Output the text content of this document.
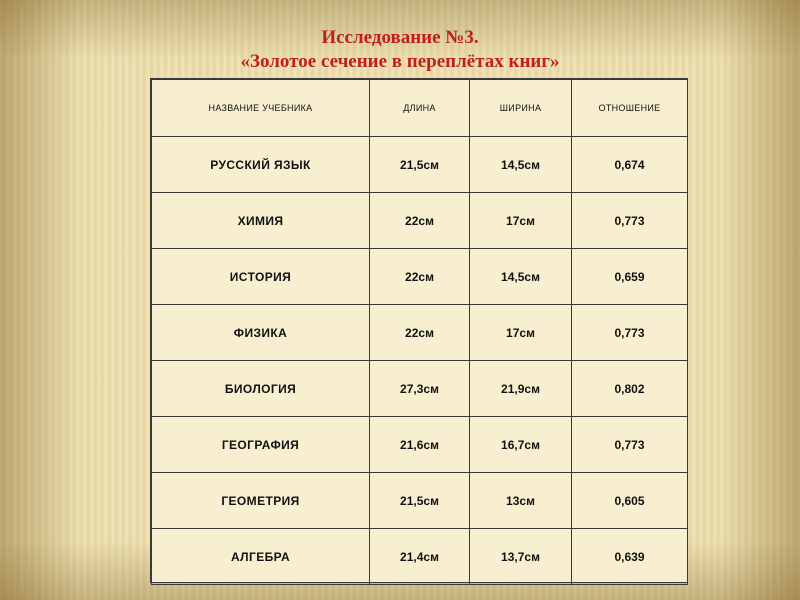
Исследование №3.
«Золотое сечение в переплётах книг»
НАЗВАНИЕ УЧЕБНИКА	ДЛИНА	ШИРИНА	ОТНОШЕНИЕ
РУССКИЙ ЯЗЫК	21,5см	14,5см	0,674
ХИМИЯ	22см	17см	0,773
ИСТОРИЯ	22см	14,5см	0,659
ФИЗИКА	22см	17см	0,773
БИОЛОГИЯ	27,3см	21,9см	0,802
ГЕОГРАФИЯ	21,6см	16,7см	0,773
ГЕОМЕТРИЯ	21,5см	13см	0,605
АЛГЕБРА	21,4см	13,7см	0,639
